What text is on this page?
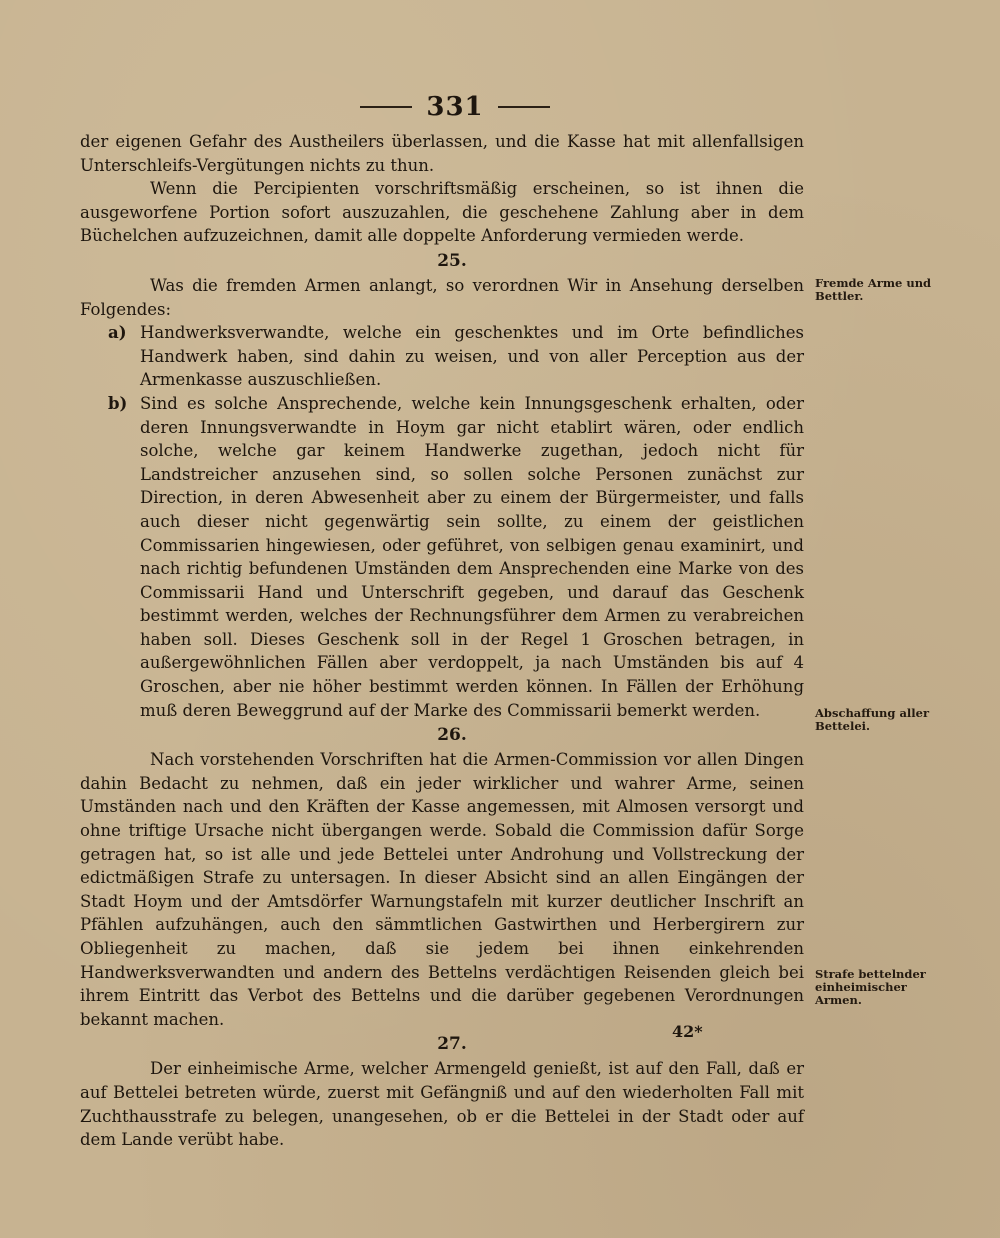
331

der eigenen Gefahr des Austheilers überlassen, und die Kasse hat mit allenfallsigen Unterschleifs-Vergütungen nichts zu thun.

Wenn die Percipienten vorschriftsmäßig erscheinen, so ist ihnen die ausgeworfene Portion sofort auszuzahlen, die geschehene Zahlung aber in dem Büchelchen aufzuzeichnen, damit alle doppelte Anforderung vermieden werde.

25.

Was die fremden Armen anlangt, so verordnen Wir in Ansehung derselben Folgendes:

a) Handwerksverwandte, welche ein geschenktes und im Orte befindliches Handwerk haben, sind dahin zu weisen, und von aller Perception aus der Armenkasse auszuschließen.
b) Sind es solche Ansprechende, welche kein Innungsgeschenk erhalten, oder deren Innungsverwandte in Hoym gar nicht etablirt wären, oder endlich solche, welche gar keinem Handwerke zugethan, jedoch nicht für Landstreicher anzusehen sind, so sollen solche Personen zunächst zur Direction, in deren Abwesenheit aber zu einem der Bürgermeister, und falls auch dieser nicht gegenwärtig sein sollte, zu einem der geistlichen Commissarien hingewiesen, oder geführet, von selbigen genau examinirt, und nach richtig befundenen Umständen dem Ansprechenden eine Marke von des Commissarii Hand und Unterschrift gegeben, und darauf das Geschenk bestimmt werden, welches der Rechnungsführer dem Armen zu verabreichen haben soll. Dieses Geschenk soll in der Regel 1 Groschen betragen, in außergewöhnlichen Fällen aber verdoppelt, ja nach Umständen bis auf 4 Groschen, aber nie höher bestimmt werden können. In Fällen der Erhöhung muß deren Beweggrund auf der Marke des Commissarii bemerkt werden.

26.

Nach vorstehenden Vorschriften hat die Armen-Commission vor allen Dingen dahin Bedacht zu nehmen, daß ein jeder wirklicher und wahrer Arme, seinen Umständen nach und den Kräften der Kasse angemessen, mit Almosen versorgt und ohne triftige Ursache nicht übergangen werde. Sobald die Commission dafür Sorge getragen hat, so ist alle und jede Bettelei unter Androhung und Vollstreckung der edictmäßigen Strafe zu untersagen. In dieser Absicht sind an allen Eingängen der Stadt Hoym und der Amtsdörfer Warnungstafeln mit kurzer deutlicher Inschrift an Pfählen aufzuhängen, auch den sämmtlichen Gastwirthen und Herbergirern zur Obliegenheit zu machen, daß sie jedem bei ihnen einkehrenden Handwerksverwandten und andern des Bettelns verdächtigen Reisenden gleich bei ihrem Eintritt das Verbot des Bettelns und die darüber gegebenen Verordnungen bekannt machen.

27.

Der einheimische Arme, welcher Armengeld genießt, ist auf den Fall, daß er auf Bettelei betreten würde, zuerst mit Gefängniß und auf den wiederholten Fall mit Zuchthausstrafe zu belegen, unangesehen, ob er die Bettelei in der Stadt oder auf dem Lande verübt habe.

Fremde Arme und Bettler.
Abschaffung aller Bettelei.
Strafe bettelnder einheimischer Armen.
42*
